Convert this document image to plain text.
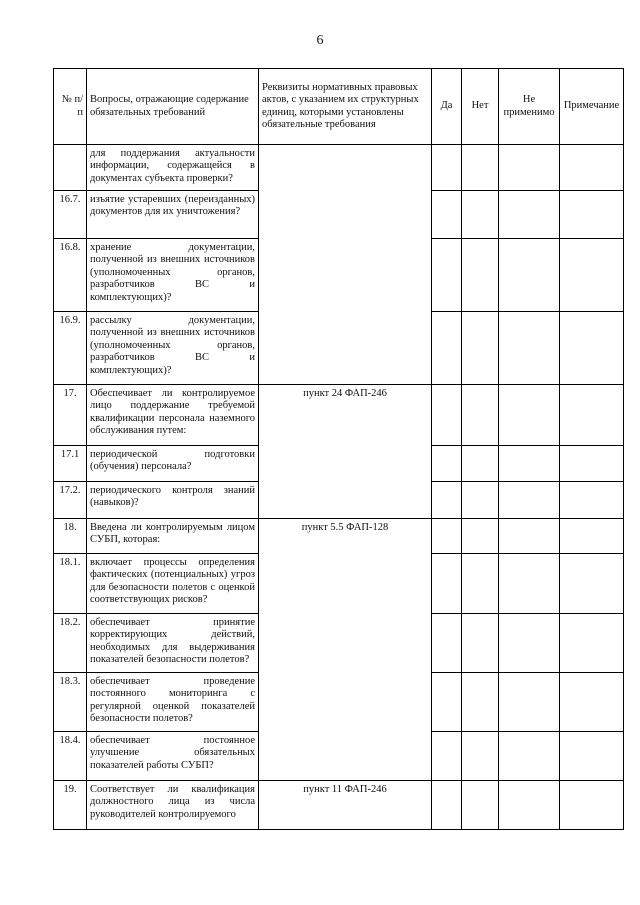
6
№ п/п	Вопросы, отражающие содержание обязательных требований	Реквизиты нормативных правовых актов, с указанием их структурных единиц, которыми установлены обязательные требования	Да	Нет	Не применимо	Примечание
	для поддержания актуальности информации, содержащейся в документах субъекта проверки?					
16.7.	изъятие устаревших (переизданных) документов для их уничтожения?					
16.8.	хранение документации, полученной из внешних источников (уполномоченных органов, разработчиков ВС и комплектующих)?					
16.9.	рассылку документации, полученной из внешних источников (уполномоченных органов, разработчиков ВС и комплектующих)?					
17.	Обеспечивает ли контролируемое лицо поддержание требуемой квалификации персонала наземного обслуживания путем:	пункт 24 ФАП-246				
17.1	периодической подготовки (обучения) персонала?					
17.2.	периодического контроля знаний (навыков)?					
18.	Введена ли контролируемым лицом СУБП, которая:	пункт 5.5 ФАП-128				
18.1.	включает процессы определения фактических (потенциальных) угроз для безопасности полетов с оценкой соответствующих рисков?					
18.2.	обеспечивает принятие корректирующих действий, необходимых для выдерживания показателей безопасности полетов?					
18.3.	обеспечивает проведение постоянного мониторинга с регулярной оценкой показателей безопасности полетов?					
18.4.	обеспечивает постоянное улучшение обязательных показателей работы СУБП?					
19.	Соответствует ли квалификация должностного лица из числа руководителей контролируемого	пункт 11 ФАП-246				
